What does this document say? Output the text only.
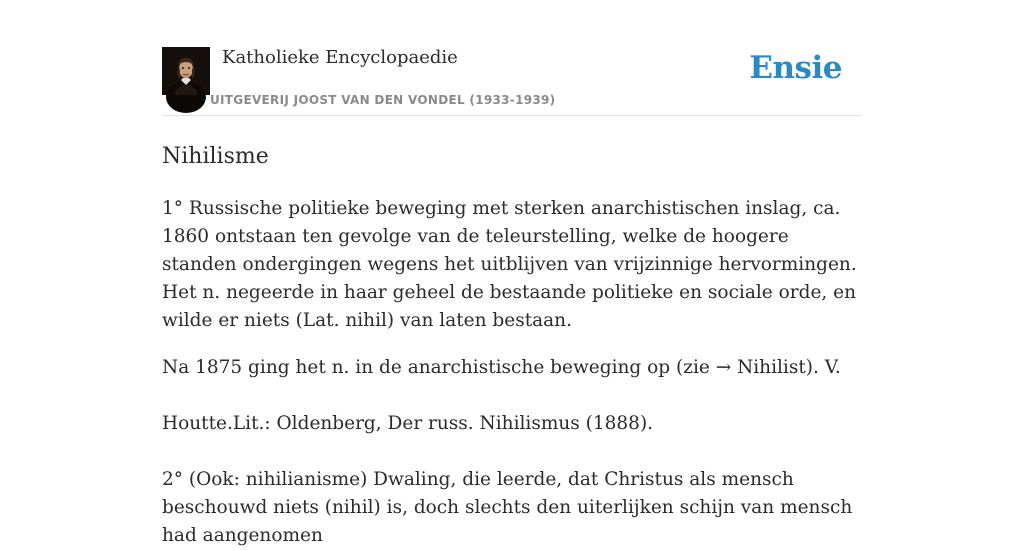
Katholieke Encyclopaedie
UITGEVERIJ JOOST VAN DEN VONDEL (1933-1939)
Ensie
Nihilisme

1° Russische politieke beweging met sterken anarchistischen inslag, ca. 1860 ontstaan ten gevolge van de teleurstelling, welke de hoogere standen ondergingen wegens het uitblijven van vrijzinnige hervormingen. Het n. negeerde in haar geheel de bestaande politieke en sociale orde, en wilde er niets (Lat. nihil) van laten bestaan.

Na 1875 ging het n. in de anarchistische beweging op (zie → Nihilist). V.

Houtte.Lit.: Oldenberg, Der russ. Nihilismus (1888).

2° (Ook: nihilianisme) Dwaling, die leerde, dat Christus als mensch beschouwd niets (nihil) is, doch slechts den uiterlijken schijn van mensch had aangenomen
